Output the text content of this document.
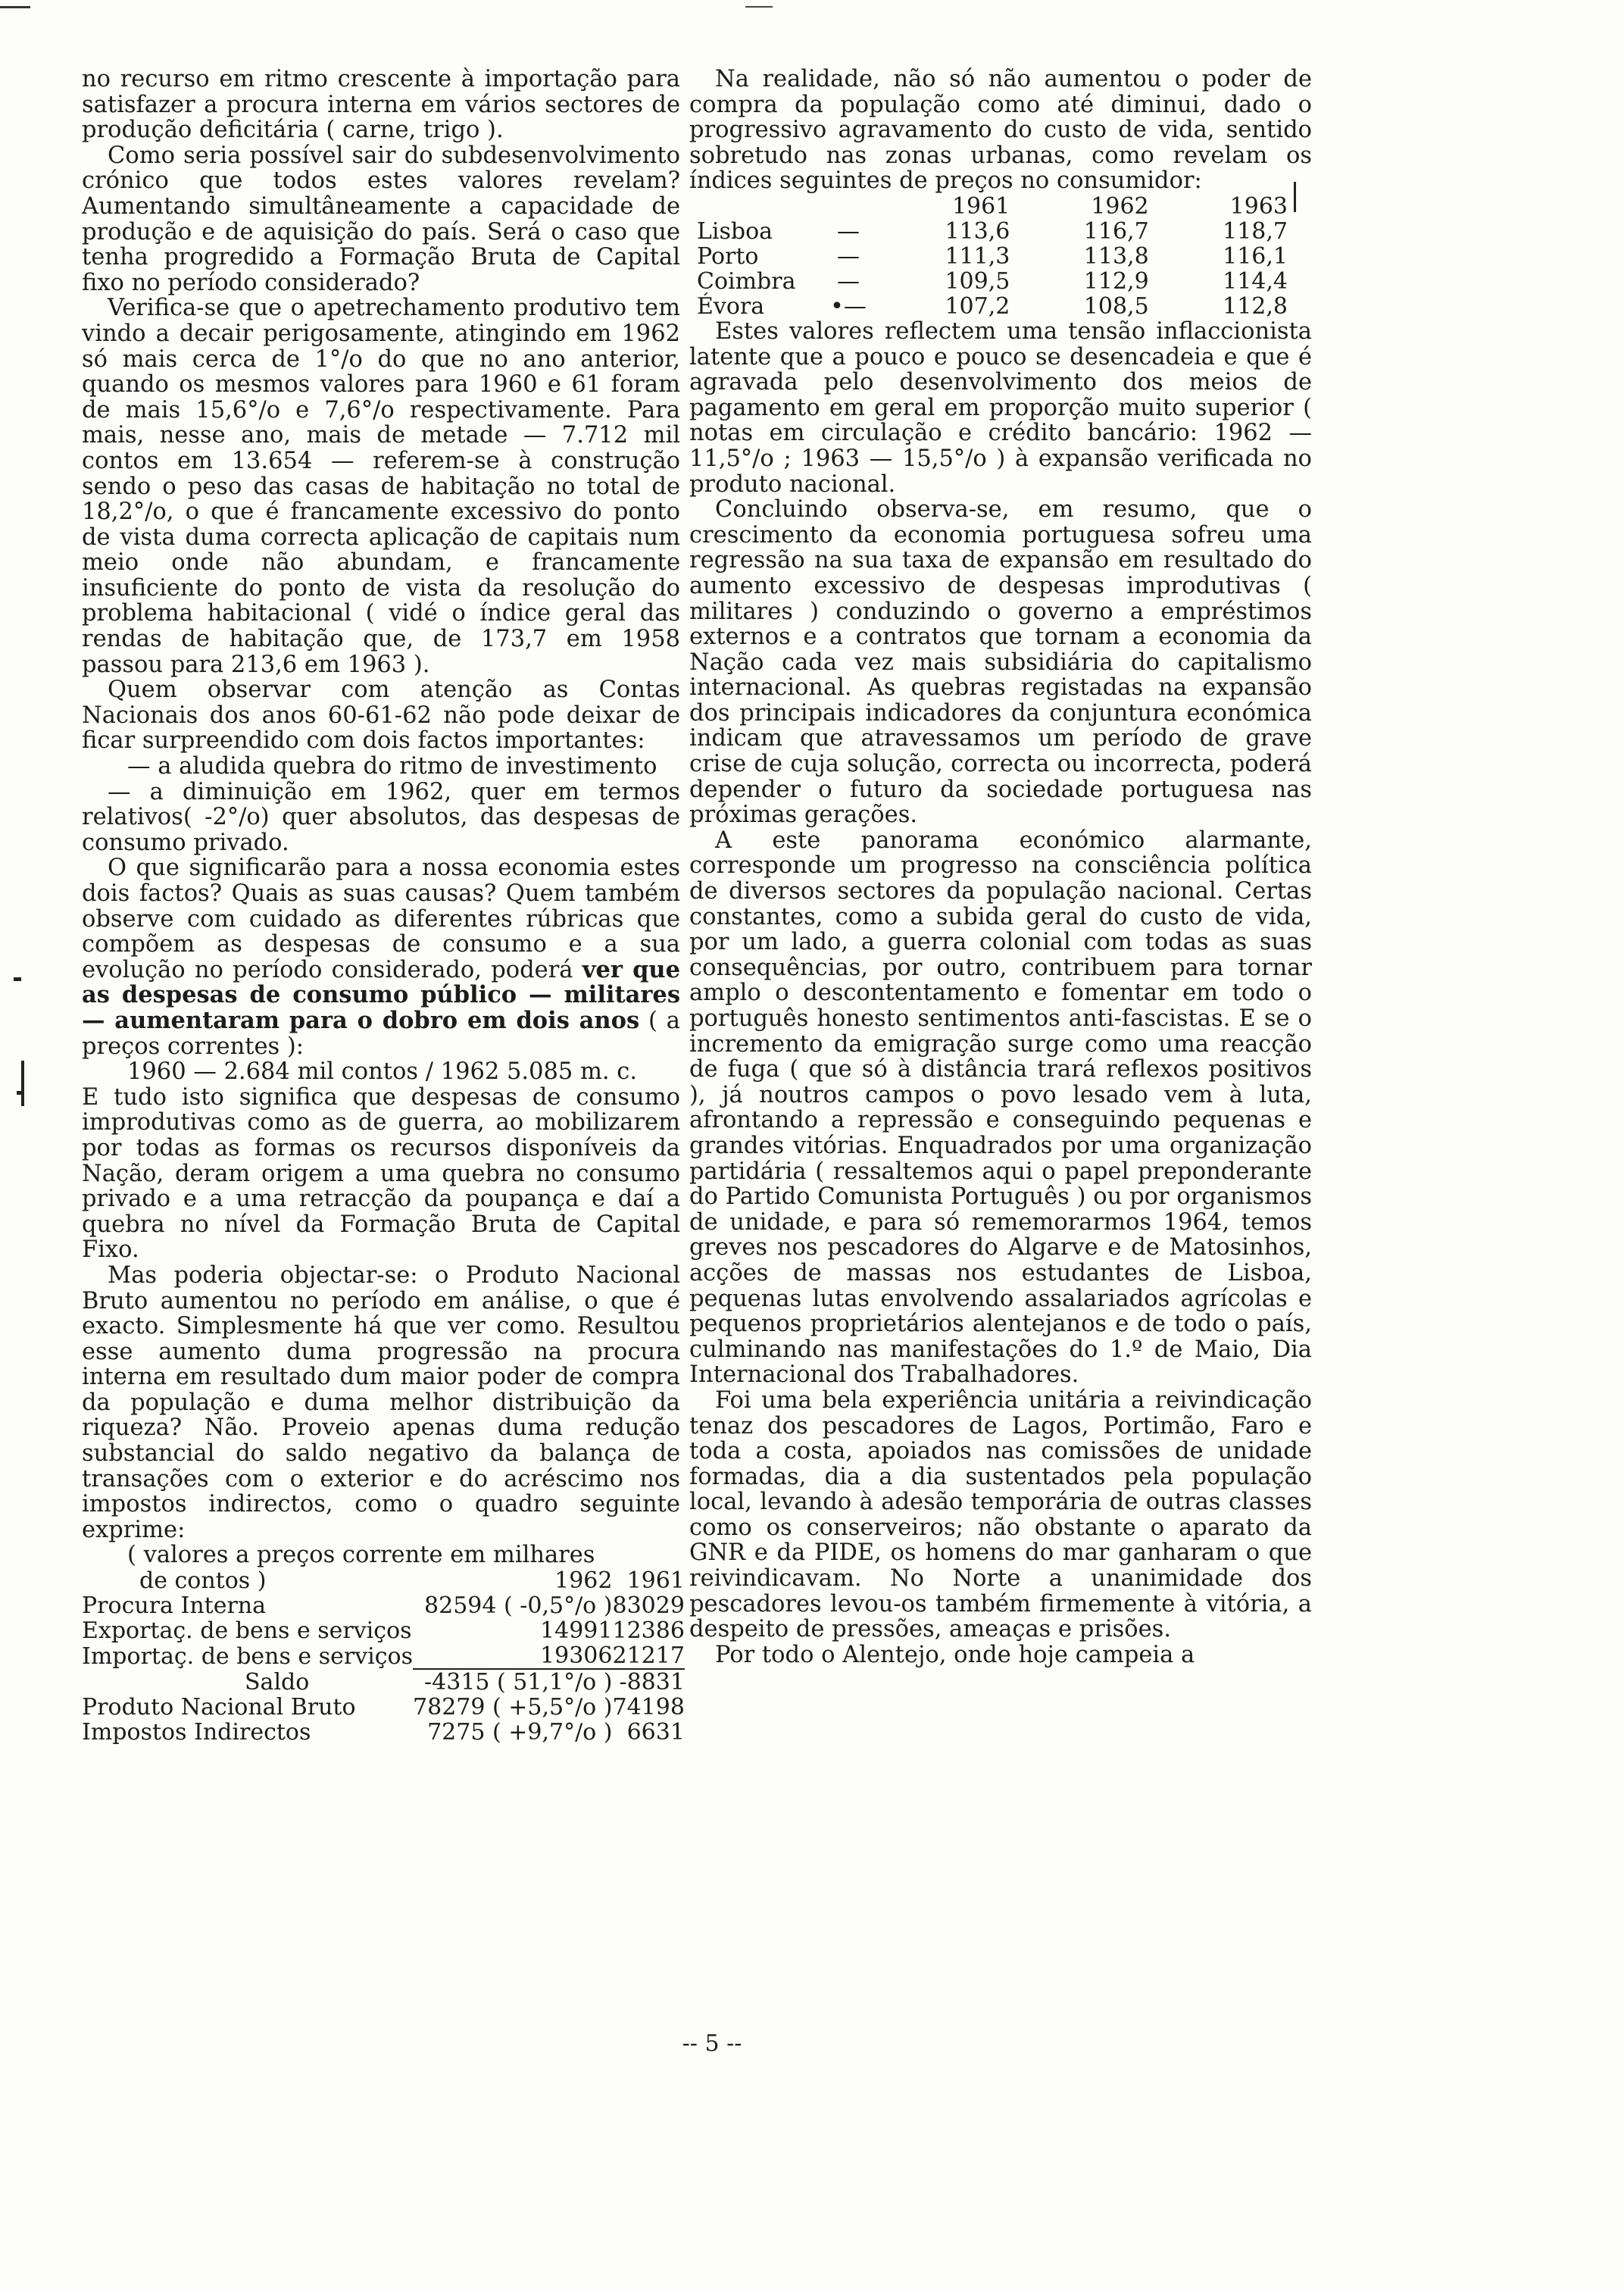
no recurso em ritmo crescente à importação para satisfazer a procura interna em vários sectores de produção deficitária ( carne, trigo ).

Como seria possível sair do subdesenvolvimento crónico que todos estes valores revelam? Aumentando simultâneamente a capacidade de produção e de aquisição do país. Será o caso que tenha progredido a Formação Bruta de Capital fixo no período considerado?

Verifica-se que o apetrechamento produtivo tem vindo a decair perigosamente, atingindo em 1962 só mais cerca de 1°/o do que no ano anterior, quando os mesmos valores para 1960 e 61 foram de mais 15,6°/o e 7,6°/o respectivamente. Para mais, nesse ano, mais de metade — 7.712 mil contos em 13.654 — referem-se à construção sendo o peso das casas de habitação no total de 18,2°/o, o que é francamente excessivo do ponto de vista duma correcta aplicação de capitais num meio onde não abundam, e francamente insuficiente do ponto de vista da resolução do problema habitacional ( vidé o índice geral das rendas de habitação que, de 173,7 em 1958 passou para 213,6 em 1963 ).

Quem observar com atenção as Contas Nacionais dos anos 60-61-62 não pode deixar de ficar surpreendido com dois factos importantes:

— a aludida quebra do ritmo de investimento

— a diminuição em 1962, quer em termos relativos( -2°/o) quer absolutos, das despesas de consumo privado.

O que significarão para a nossa economia estes dois factos? Quais as suas causas? Quem também observe com cuidado as diferentes rúbricas que compõem as despesas de consumo e a sua evolução no período considerado, poderá ver que as despesas de consumo público — militares — aumentaram para o dobro em dois anos ( a preços correntes ):

1960 — 2.684 mil contos / 1962 5.085 m. c.

E tudo isto significa que despesas de consumo improdutivas como as de guerra, ao mobilizarem por todas as formas os recursos disponíveis da Nação, deram origem a uma quebra no consumo privado e a uma retracção da poupança e daí a quebra no nível da Formação Bruta de Capital Fixo.

Mas poderia objectar-se: o Produto Nacional Bruto aumentou no período em análise, o que é exacto. Simplesmente há que ver como. Resultou esse aumento duma progressão na procura interna em resultado dum maior poder de compra da população e duma melhor distribuição da riqueza? Não. Proveio apenas duma redução substancial do saldo negativo da balança de transações com o exterior e do acréscimo nos impostos indirectos, como o quadro seguinte exprime:

( valores a preços corrente em milhares

de contos )	1962	1961
Procura Interna	82594 ( -0,5°/o )	83029
Exportaç. de bens e serviços	14991	12386
Importaç. de bens e serviços	19306	21217
Saldo	-4315 ( 51,1°/o )	-8831
Produto Nacional Bruto	78279 ( +5,5°/o )	74198
Impostos Indirectos	7275 ( +9,7°/o )	6631

Na realidade, não só não aumentou o poder de compra da população como até diminui, dado o progressivo agravamento do custo de vida, sentido sobretudo nas zonas urbanas, como revelam os índices seguintes de preços no consumidor:

		1961	1962	1963
Lisboa	—	113,6	116,7	118,7
Porto	—	111,3	113,8	116,1
Coimbra	—	109,5	112,9	114,4
Évora	•—	107,2	108,5	112,8

Estes valores reflectem uma tensão inflaccionista latente que a pouco e pouco se desencadeia e que é agravada pelo desenvolvimento dos meios de pagamento em geral em proporção muito superior ( notas em circulação e crédito bancário: 1962 — 11,5°/o ; 1963 — 15,5°/o ) à expansão verificada no produto nacional.

Concluindo observa-se, em resumo, que o crescimento da economia portuguesa sofreu uma regressão na sua taxa de expansão em resultado do aumento excessivo de despesas improdutivas ( militares ) conduzindo o governo a empréstimos externos e a contratos que tornam a economia da Nação cada vez mais subsidiária do capitalismo internacional. As quebras registadas na expansão dos principais indicadores da conjuntura económica indicam que atravessamos um período de grave crise de cuja solução, correcta ou incorrecta, poderá depender o futuro da sociedade portuguesa nas próximas gerações.

A este panorama económico alarmante, corresponde um progresso na consciência política de diversos sectores da população nacional. Certas constantes, como a subida geral do custo de vida, por um lado, a guerra colonial com todas as suas consequências, por outro, contribuem para tornar amplo o descontentamento e fomentar em todo o português honesto sentimentos anti-fascistas. E se o incremento da emigração surge como uma reacção de fuga ( que só à distância trará reflexos positivos ), já noutros campos o povo lesado vem à luta, afrontando a repressão e conseguindo pequenas e grandes vitórias. Enquadrados por uma organização partidária ( ressaltemos aqui o papel preponderante do Partido Comunista Português ) ou por organismos de unidade, e para só rememorarmos 1964, temos greves nos pescadores do Algarve e de Matosinhos, acções de massas nos estudantes de Lisboa, pequenas lutas envolvendo assalariados agrícolas e pequenos proprietários alentejanos e de todo o país, culminando nas manifestações do 1.º de Maio, Dia Internacional dos Trabalhadores.

Foi uma bela experiência unitária a reivindicação tenaz dos pescadores de Lagos, Portimão, Faro e toda a costa, apoiados nas comissões de unidade formadas, dia a dia sustentados pela população local, levando à adesão temporária de outras classes como os conserveiros; não obstante o aparato da GNR e da PIDE, os homens do mar ganharam o que reivindicavam. No Norte a unanimidade dos pescadores levou-os também firmemente à vitória, a despeito de pressões, ameaças e prisões.

Por todo o Alentejo, onde hoje campeia a

-- 5 --
